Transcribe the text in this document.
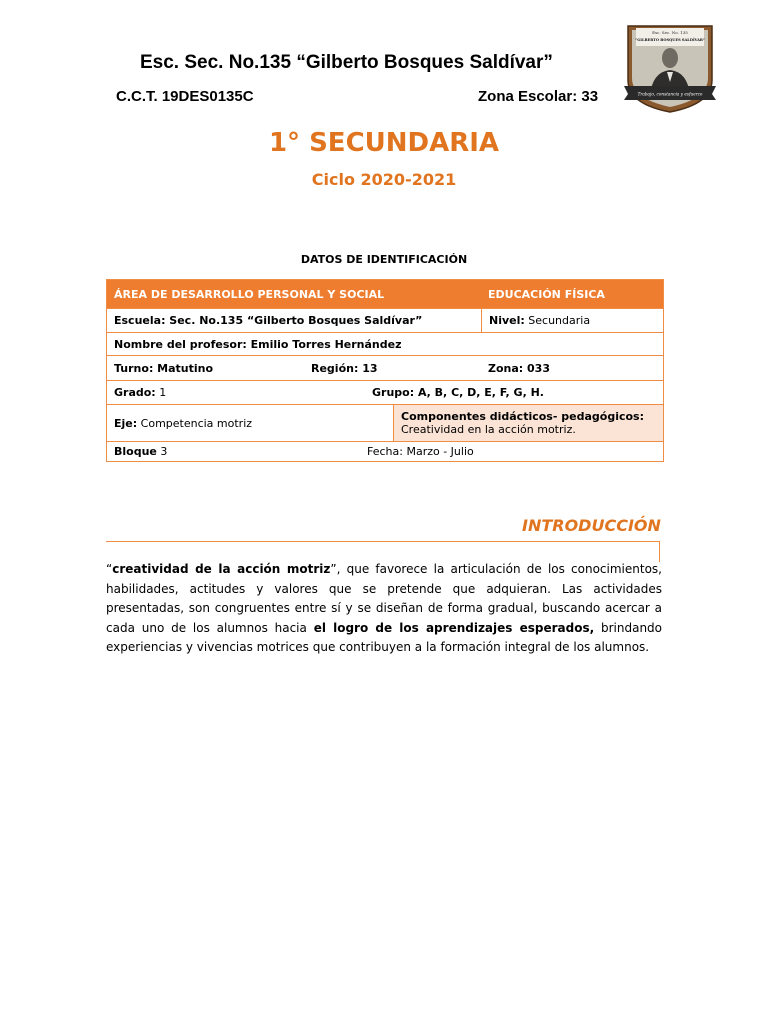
Esc. Sec. No.135 “Gilberto Bosques Saldívar”
C.C.T. 19DES0135C	Zona Escolar: 33
Esc. Sec. No. 135
“GILBERTO BOSQUES SALDÍVAR”
Trabajo, constancia y esfuerzo
1° SECUNDARIA
Ciclo 2020-2021
DATOS DE IDENTIFICACIÓN
ÁREA DE DESARROLLO PERSONAL Y SOCIAL	EDUCACIÓN FÍSICA
Escuela: Sec. No.135 “Gilberto Bosques Saldívar”	Nivel: Secundaria
Nombre del profesor: Emilio Torres Hernández
Turno: Matutino	Región: 13	Zona: 033
Grado: 1	Grupo: A, B, C, D, E, F, G, H.
Eje: Competencia motriz	Componentes didácticos- pedagógicos:
Creatividad en la acción motriz.
Bloque 3	Fecha: Marzo - Julio
INTRODUCCIÓN
“creatividad de la acción motriz”, que favorece la articulación de los conocimientos, habilidades, actitudes y valores que se pretende que adquieran. Las actividades presentadas, son congruentes entre sí y se diseñan de forma gradual, buscando acercar a cada uno de los alumnos hacia el logro de los aprendizajes esperados, brindando experiencias y vivencias motrices que contribuyen a la formación integral de los alumnos.
